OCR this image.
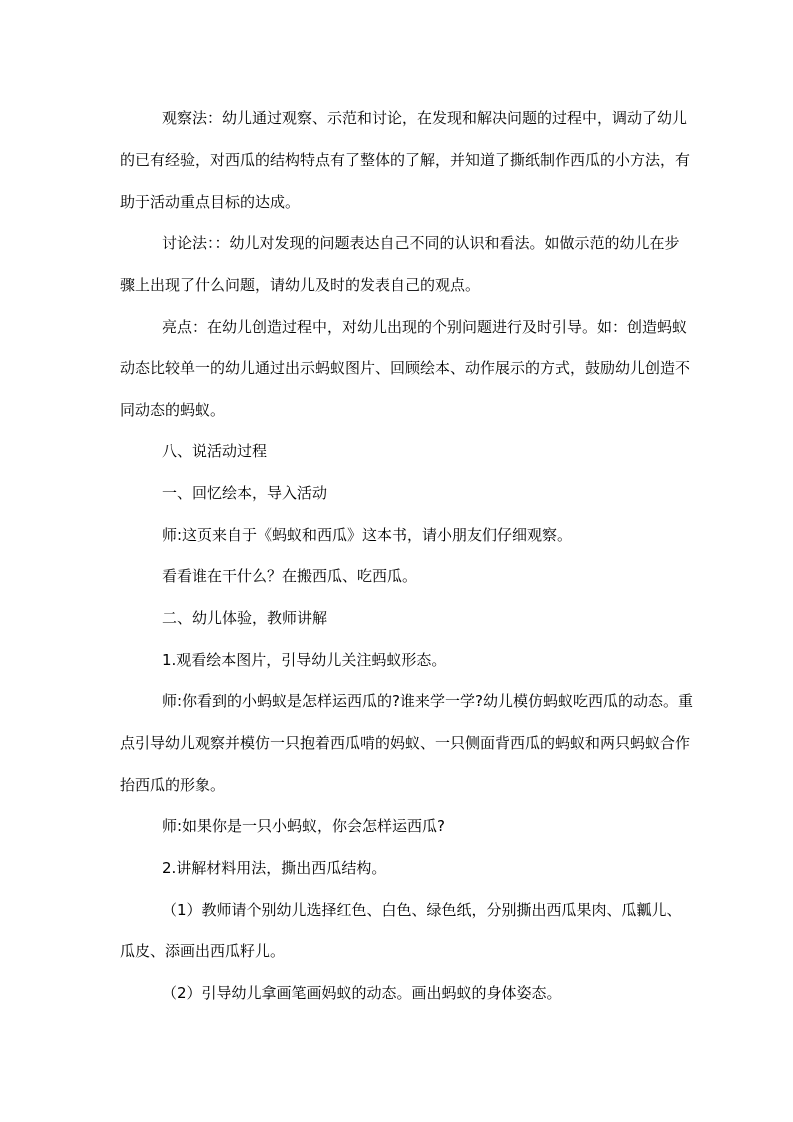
观察法：幼儿通过观察、示范和讨论，在发现和解决问题的过程中，调动了幼儿

的已有经验，对西瓜的结构特点有了整体的了解，并知道了撕纸制作西瓜的小方法，有

助于活动重点目标的达成。

讨论法：：幼儿对发现的问题表达自己不同的认识和看法。如做示范的幼儿在步

骤上出现了什么问题，请幼儿及时的发表自己的观点。

亮点：在幼儿创造过程中，对幼儿出现的个别问题进行及时引导。如：创造蚂蚁

动态比较单一的幼儿通过出示蚂蚁图片、回顾绘本、动作展示的方式，鼓励幼儿创造不

同动态的蚂蚁。

八、说活动过程

一、回忆绘本，导入活动

师:这页来自于《蚂蚁和西瓜》这本书，请小朋友们仔细观察。

看看谁在干什么？在搬西瓜、吃西瓜。

二、幼儿体验，教师讲解

1.观看绘本图片，引导幼儿关注蚂蚁形态。

师:你看到的小蚂蚁是怎样运西瓜的?谁来学一学?幼儿模仿蚂蚁吃西瓜的动态。重

点引导幼儿观察并模仿一只抱着西瓜啃的妈蚁、一只侧面背西瓜的蚂蚁和两只蚂蚁合作

抬西瓜的形象。

师:如果你是一只小蚂蚁，你会怎样运西瓜?

2.讲解材料用法，撕出西瓜结构。

（1）教师请个别幼儿选择红色、白色、绿色纸，分别撕出西瓜果肉、瓜瓤儿、

瓜皮、添画出西瓜籽儿。

（2）引导幼儿拿画笔画妈蚁的动态。画出蚂蚁的身体姿态。
